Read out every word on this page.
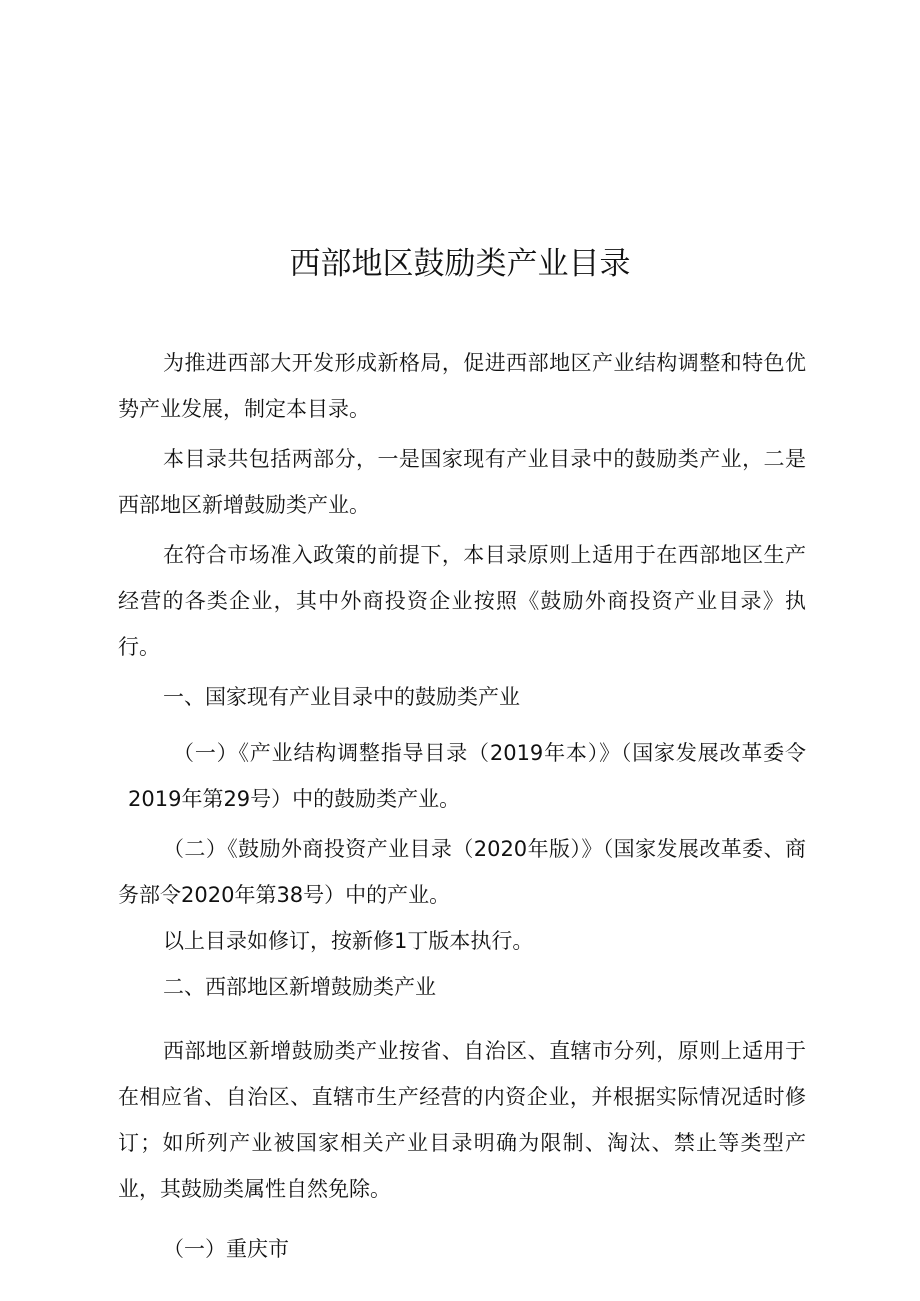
西部地区鼓励类产业目录

为推进西部大开发形成新格局，促进西部地区产业结构调整和特色优势产业发展，制定本目录。

本目录共包括两部分，一是国家现有产业目录中的鼓励类产业，二是西部地区新增鼓励类产业。

在符合市场准入政策的前提下，本目录原则上适用于在西部地区生产经营的各类企业，其中外商投资企业按照《鼓励外商投资产业目录》执行。

一、国家现有产业目录中的鼓励类产业

（一）《产业结构调整指导目录（2019年本）》（国家发展改革委令2019年第29号）中的鼓励类产业。

（二）《鼓励外商投资产业目录（2020年版）》（国家发展改革委、商务部令2020年第38号）中的产业。

以上目录如修订，按新修1丁版本执行。

二、西部地区新增鼓励类产业

西部地区新增鼓励类产业按省、自治区、直辖市分列，原则上适用于在相应省、自治区、直辖市生产经营的内资企业，并根据实际情况适时修订；如所列产业被国家相关产业目录明确为限制、淘汰、禁止等类型产业，其鼓励类属性自然免除。

（一）重庆市
